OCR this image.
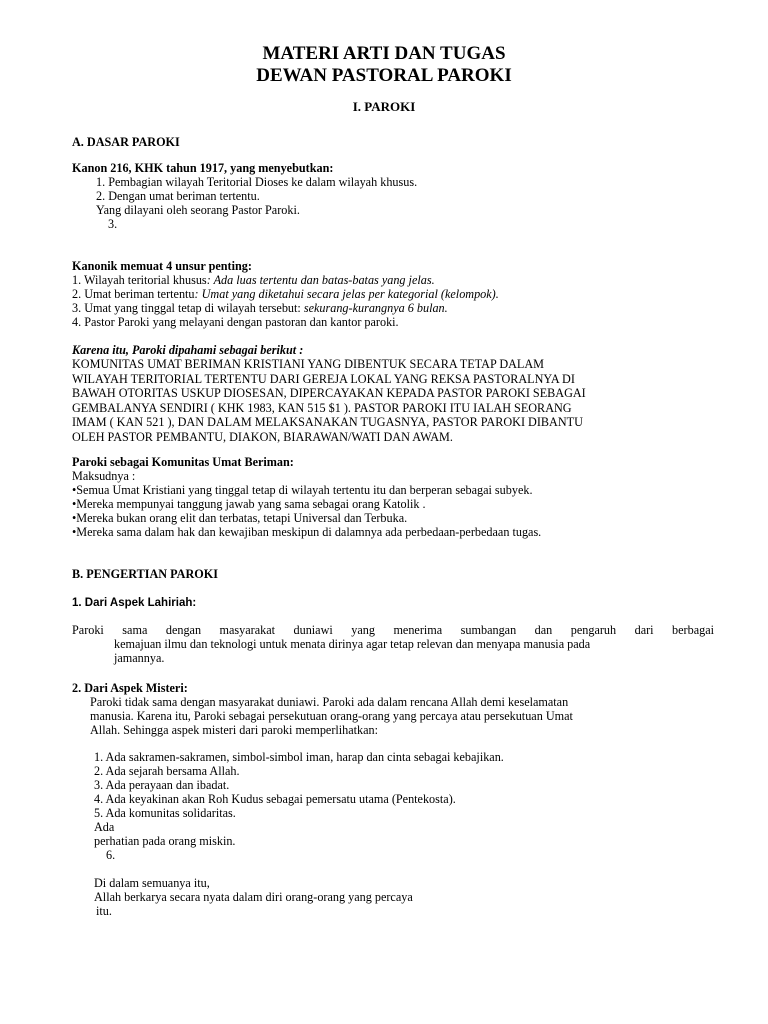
MATERI ARTI DAN TUGAS
DEWAN PASTORAL PAROKI
I. PAROKI
A. DASAR PAROKI
Kanon 216, KHK tahun 1917, yang menyebutkan:
1. Pembagian wilayah Teritorial Dioses ke dalam wilayah khusus.
2. Dengan umat beriman tertentu.
Yang dilayani oleh seorang Pastor Paroki.
3.
Kanonik memuat 4 unsur penting:
1. Wilayah teritorial khusus: Ada luas tertentu dan batas-batas yang jelas.
2. Umat beriman tertentu: Umat yang diketahui secara jelas per kategorial (kelompok).
3. Umat yang tinggal tetap di wilayah tersebut: sekurang-kurangnya 6 bulan.
4. Pastor Paroki yang melayani dengan pastoran dan kantor paroki.
Karena itu, Paroki dipahami sebagai berikut :
KOMUNITAS UMAT BERIMAN KRISTIANI YANG DIBENTUK SECARA TETAP DALAM
WILAYAH TERITORIAL TERTENTU DARI GEREJA LOKAL YANG REKSA PASTORALNYA DI
BAWAH OTORITAS USKUP DIOSESAN, DIPERCAYAKAN KEPADA PASTOR PAROKI SEBAGAI
GEMBALANYA SENDIRI ( KHK 1983, KAN 515 $1 ). PASTOR PAROKI ITU IALAH SEORANG
IMAM ( KAN 521 ), DAN DALAM MELAKSANAKAN TUGASNYA, PASTOR PAROKI DIBANTU
OLEH PASTOR PEMBANTU, DIAKON, BIARAWAN/WATI DAN AWAM.
Paroki sebagai Komunitas Umat Beriman:
Maksudnya :
•Semua Umat Kristiani yang tinggal tetap di wilayah tertentu itu dan berperan sebagai subyek.
•Mereka mempunyai tanggung jawab yang sama sebagai orang Katolik .
•Mereka bukan orang elit dan terbatas, tetapi Universal dan Terbuka.
•Mereka sama dalam hak dan kewajiban meskipun di dalamnya ada perbedaan-perbedaan tugas.
B. PENGERTIAN PAROKI
1. Dari Aspek Lahiriah:
Paroki sama dengan masyarakat duniawi yang menerima sumbangan dan pengaruh dari berbagai
kemajuan ilmu dan teknologi untuk menata dirinya agar tetap relevan dan menyapa manusia pada
jamannya.
2. Dari Aspek Misteri:
Paroki tidak sama dengan masyarakat duniawi. Paroki ada dalam rencana Allah demi keselamatan
manusia. Karena itu, Paroki sebagai persekutuan orang-orang yang percaya atau persekutuan Umat
Allah. Sehingga aspek misteri dari paroki memperlihatkan:
1. Ada sakramen-sakramen, simbol-simbol iman, harap dan cinta sebagai kebajikan.
2. Ada sejarah bersama Allah.
3. Ada perayaan dan ibadat.
4. Ada keyakinan akan Roh Kudus sebagai pemersatu utama (Pentekosta).
5. Ada komunitas solidaritas.
Ada
perhatian pada orang miskin.
6.
Di dalam semuanya itu,
Allah berkarya secara nyata dalam diri orang-orang yang percaya
itu.
